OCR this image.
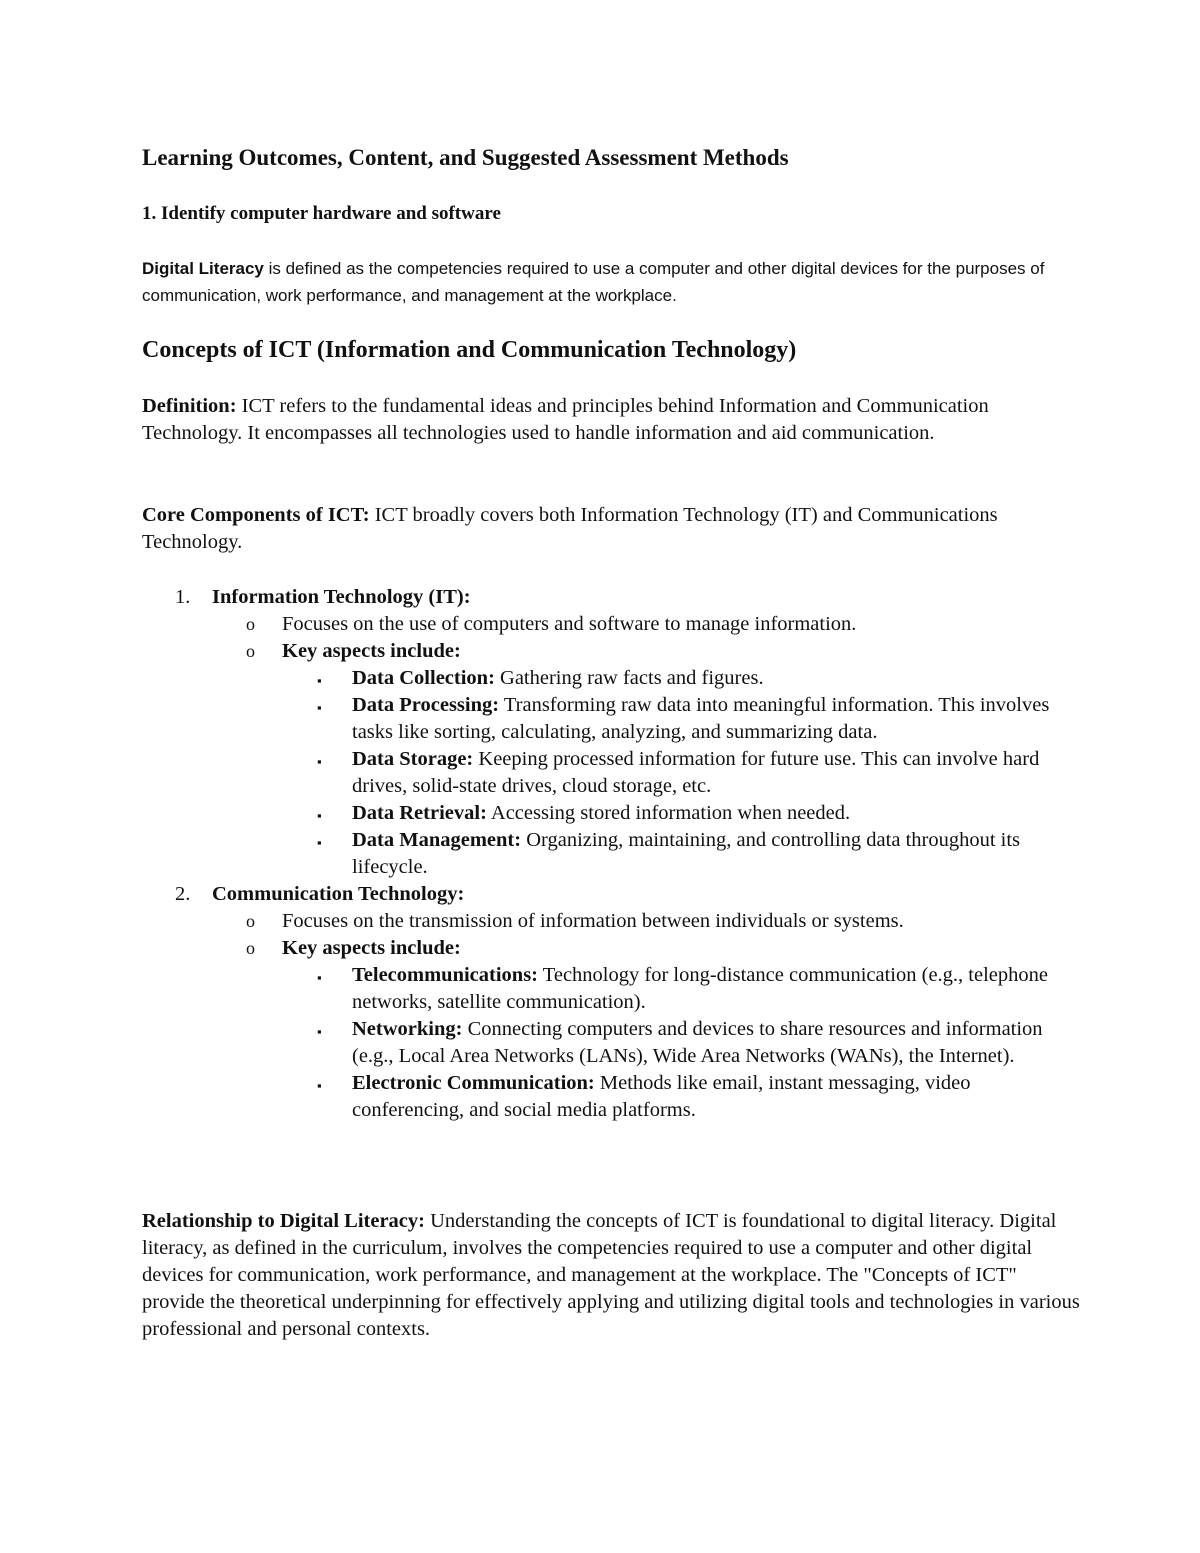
Learning Outcomes, Content, and Suggested Assessment Methods
1. Identify computer hardware and software
Digital Literacy is defined as the competencies required to use a computer and other digital devices for the purposes of communication, work performance, and management at the workplace.
Concepts of ICT (Information and Communication Technology)
Definition: ICT refers to the fundamental ideas and principles behind Information and Communication Technology. It encompasses all technologies used to handle information and aid communication.
Core Components of ICT: ICT broadly covers both Information Technology (IT) and Communications Technology.
1. Information Technology (IT):
o Focuses on the use of computers and software to manage information.
o Key aspects include:
▪ Data Collection: Gathering raw facts and figures.
▪ Data Processing: Transforming raw data into meaningful information. This involves tasks like sorting, calculating, analyzing, and summarizing data.
▪ Data Storage: Keeping processed information for future use. This can involve hard drives, solid-state drives, cloud storage, etc.
▪ Data Retrieval: Accessing stored information when needed.
▪ Data Management: Organizing, maintaining, and controlling data throughout its lifecycle.
2. Communication Technology:
o Focuses on the transmission of information between individuals or systems.
o Key aspects include:
▪ Telecommunications: Technology for long-distance communication (e.g., telephone networks, satellite communication).
▪ Networking: Connecting computers and devices to share resources and information (e.g., Local Area Networks (LANs), Wide Area Networks (WANs), the Internet).
▪ Electronic Communication: Methods like email, instant messaging, video conferencing, and social media platforms.
Relationship to Digital Literacy: Understanding the concepts of ICT is foundational to digital literacy. Digital literacy, as defined in the curriculum, involves the competencies required to use a computer and other digital devices for communication, work performance, and management at the workplace. The "Concepts of ICT" provide the theoretical underpinning for effectively applying and utilizing digital tools and technologies in various professional and personal contexts.
